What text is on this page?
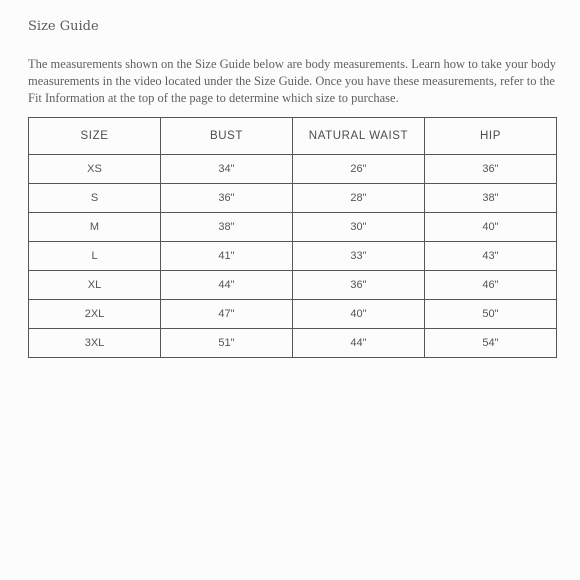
Size Guide
The measurements shown on the Size Guide below are body measurements. Learn how to take your body measurements in the video located under the Size Guide. Once you have these measurements, refer to the Fit Information at the top of the page to determine which size to purchase.
SIZE	BUST	NATURAL WAIST	HIP
XS	34"	26"	36"
S	36"	28"	38"
M	38"	30"	40"
L	41"	33"	43"
XL	44"	36"	46"
2XL	47"	40"	50"
3XL	51"	44"	54"
